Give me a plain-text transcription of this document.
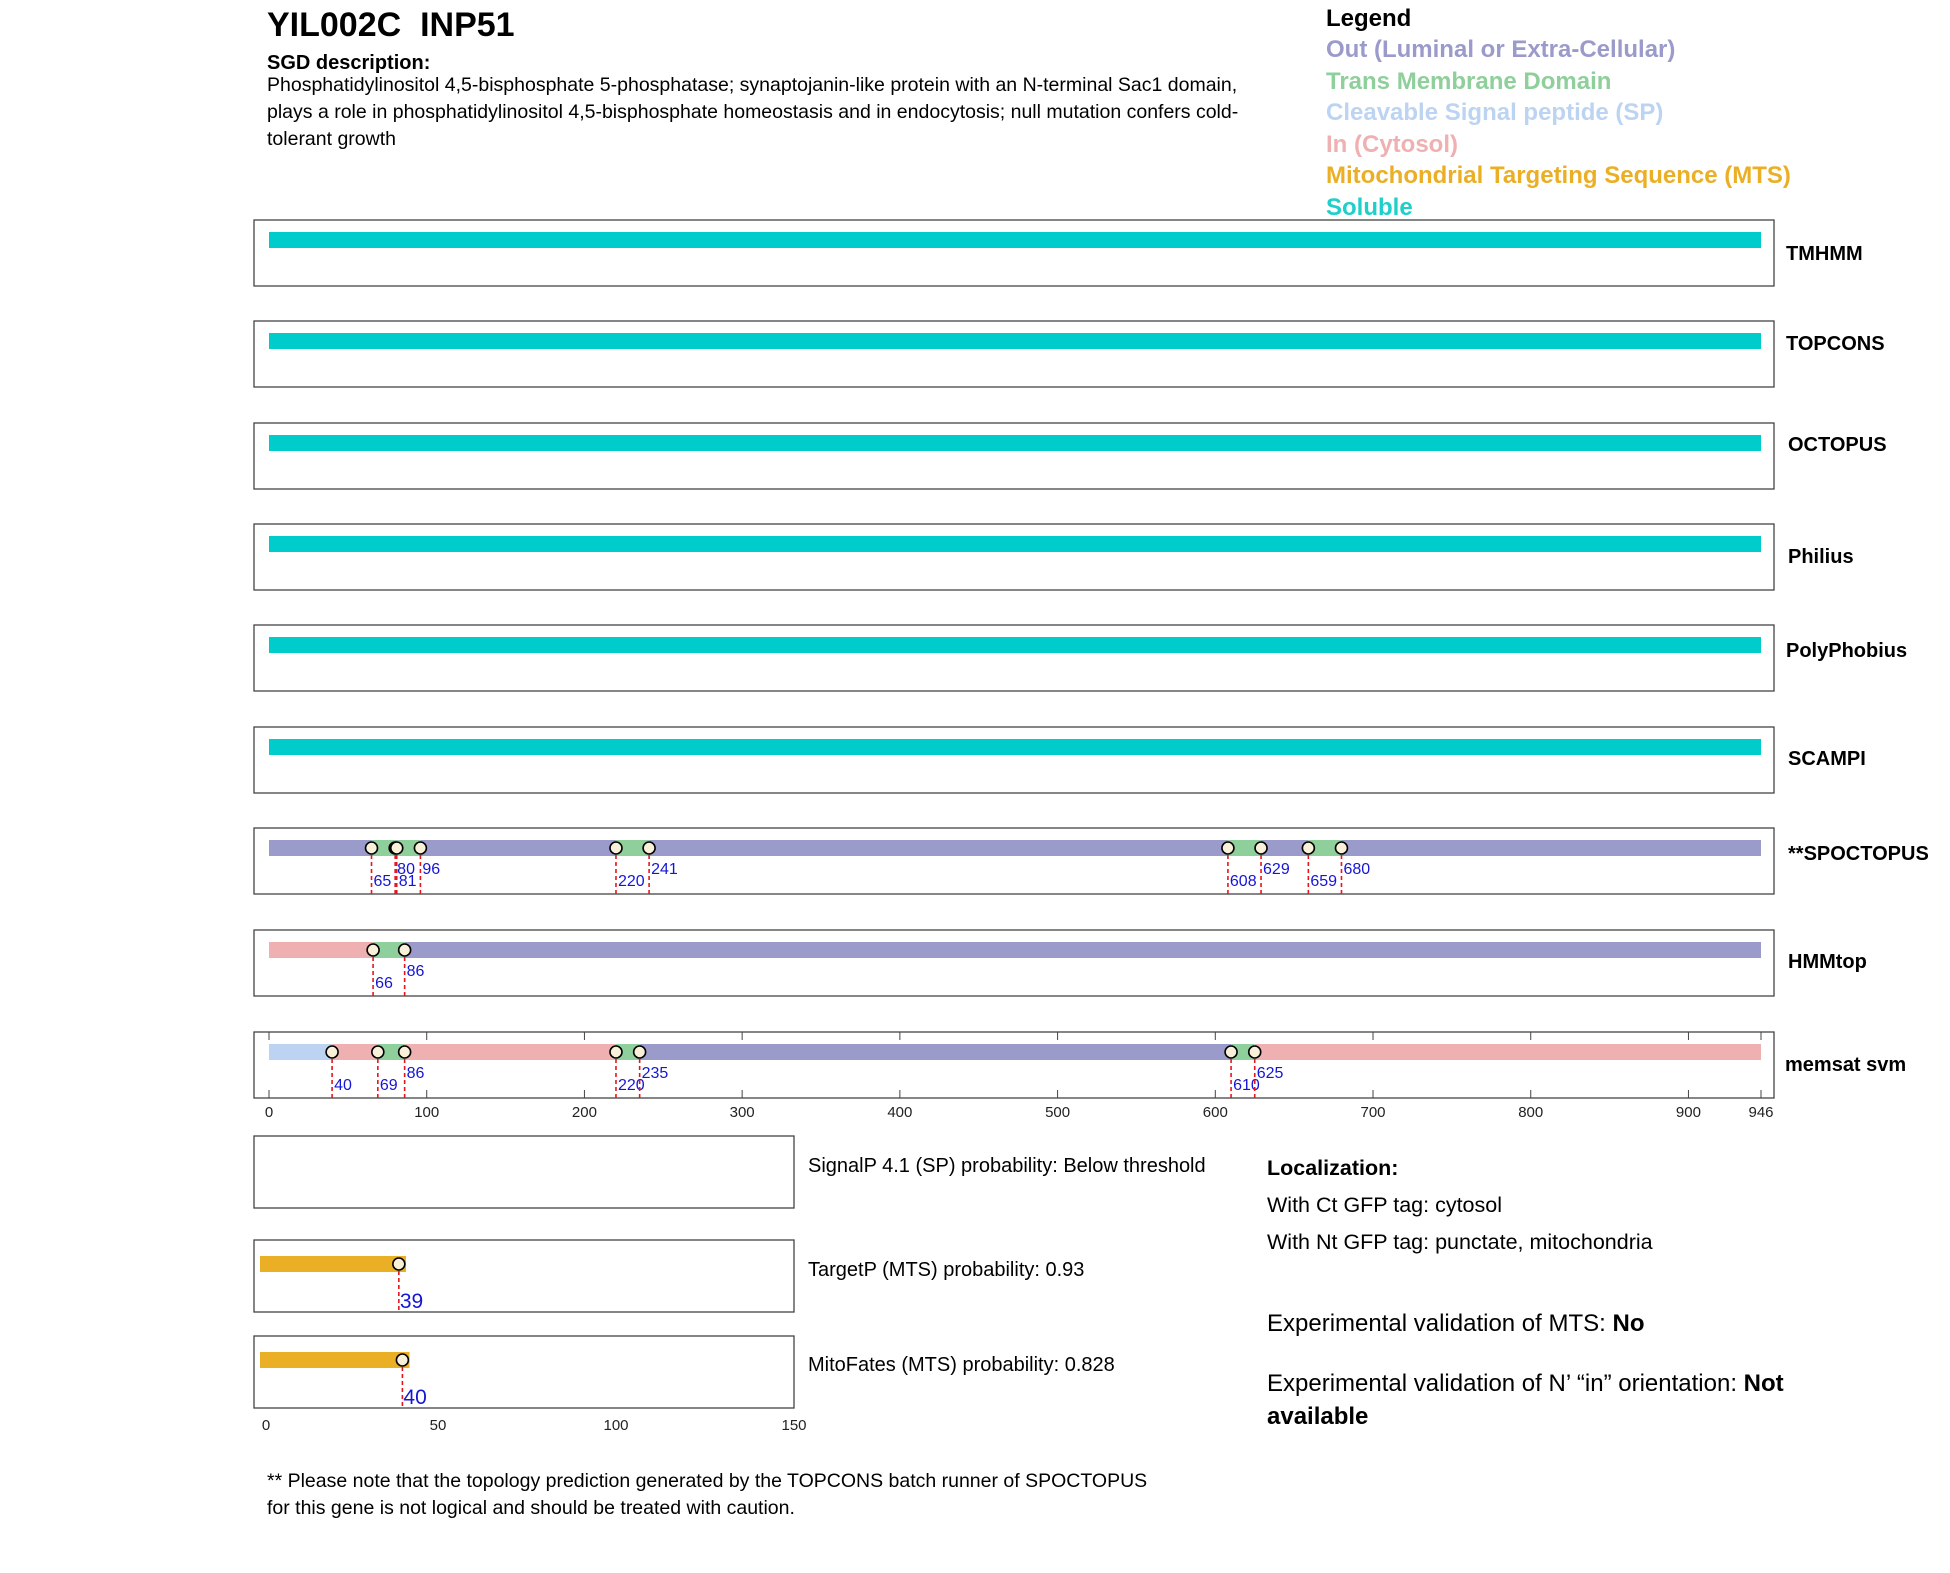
YIL002C  INP51
SGD description:
Phosphatidylinositol 4,5-bisphosphate 5-phosphatase; synaptojanin-like protein with an N-terminal Sac1 domain, plays a role in phosphatidylinositol 4,5-bisphosphate homeostasis and in endocytosis; null mutation confers cold-tolerant growth
Legend
Out (Luminal or Extra-Cellular)
Trans Membrane Domain
Cleavable Signal peptide (SP)
In (Cytosol)
Mitochondrial Targeting Sequence (MTS)
Soluble
TMHMM
TOPCONS
OCTOPUS
Philius
PolyPhobius
SCAMPI
**SPOCTOPUS
HMMtop
memsat svm
SignalP 4.1 (SP) probability: Below threshold
TargetP (MTS) probability: 0.93
MitoFates (MTS) probability: 0.828
Localization:
With Ct GFP tag: cytosol
With Nt GFP tag: punctate, mitochondria
Experimental validation of MTS: No
Experimental validation of N’ “in” orientation: Not available
** Please note that the topology prediction generated by the TOPCONS batch runner of SPOCTOPUS for this gene is not logical and should be treated with caution.
65
80
81
96
220
241
608
629
659
680
66
86
40 69
86
220
235
610
625
0	100	200	300	400	500	600	700	800	900	946
39
40
0	50	100	150
